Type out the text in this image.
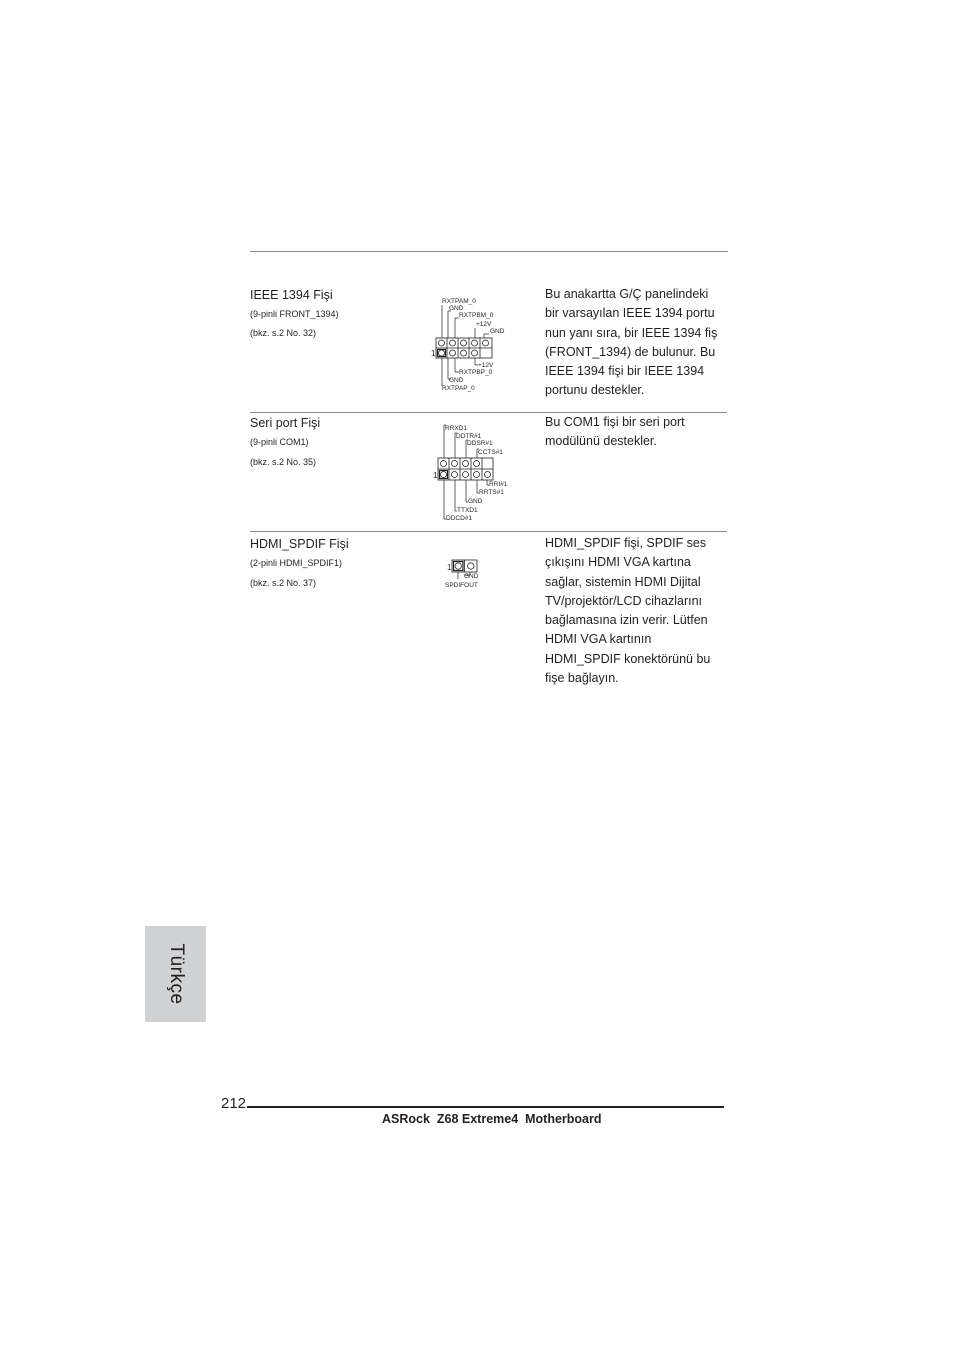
IEEE 1394 Fişi
(9-pinli FRONT_1394)
(bkz. s.2 No. 32)
RXTPAM_0
GND
RXTPBM_0
+12V
GND
1
+12V
RXTPBP_0
GND
RXTPAP_0
Bu anakartta G/Ç panelindeki
bir varsayılan IEEE 1394 portu
nun yanı sıra, bir IEEE 1394 fiş
(FRONT_1394) de bulunur. Bu
IEEE 1394 fişi bir IEEE 1394
portunu destekler.
Seri port Fişi
(9-pinli COM1)
(bkz. s.2 No. 35)
RRXD1
DDTR#1
DDSR#1
CCTS#1
1
RRI#1
RRTS#1
GND
TTXD1
DDCD#1
Bu COM1 fişi bir seri port
modülünü destekler.
HDMI_SPDIF Fişi
(2-pinli HDMI_SPDIF1)
(bkz. s.2 No. 37)
1
GND
SPDIFOUT
HDMI_SPDIF fişi, SPDIF ses
çıkışını HDMI VGA kartına
sağlar, sistemin HDMI Dijital
TV/projektör/LCD cihazlarını
bağlamasına izin verir. Lütfen
HDMI VGA kartının
HDMI_SPDIF konektörünü bu
fişe bağlayın.
Türkçe
212
ASRock  Z68 Extreme4  Motherboard
